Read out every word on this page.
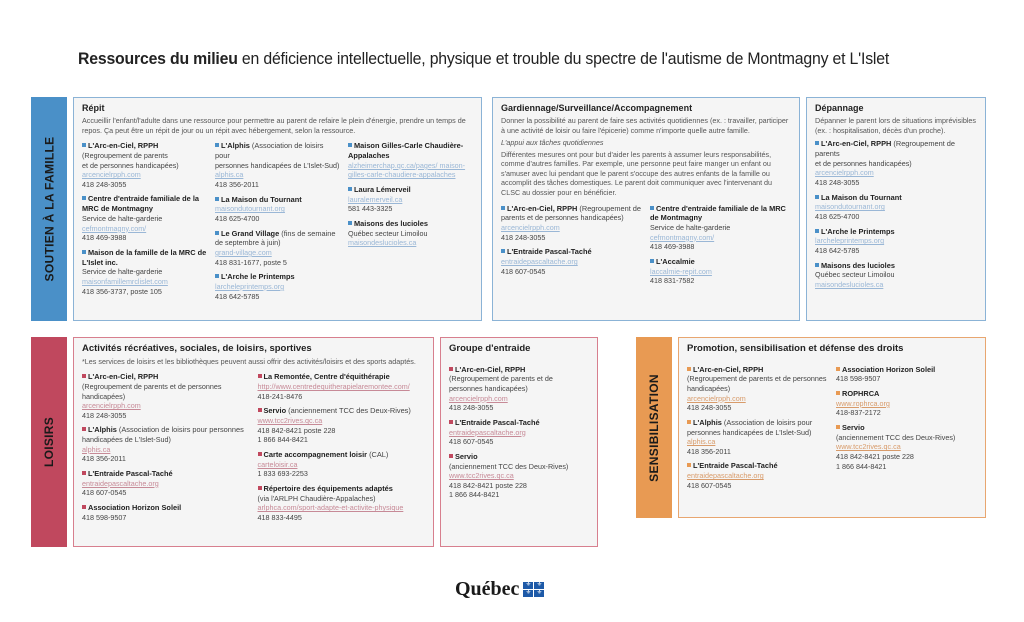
Ressources du milieu en déficience intellectuelle, physique et trouble du spectre de l'autisme de Montmagny et L'Islet
SOUTIEN À LA FAMILLE
LOISIRS	SENSIBILISATION
Répit
Accueillir l'enfant/l'adulte dans une ressource pour permettre au parent de refaire le plein d'énergie, prendre un temps de repos. Ça peut être un répit de jour ou un répit avec hébergement, selon la ressource.
L'Arc-en-Ciel, RPPH
(Regroupement de parents
et de personnes handicapées)
arcencielrpph.com
418 248-3055
Centre d'entraide familiale de la MRC de Montmagny
Service de halte-garderie
cefmontmagny.com/
418 469-3988
Maison de la famille de la MRC de L'Islet inc.
Service de halte-garderie
maisonfamillemrclislet.com
418 356-3737, poste 105
L'Alphis (Association de loisirs pour
personnes handicapées de L'Islet-Sud)
alphis.ca
418 356-2011
La Maison du Tournant
maisondutournant.org
418 625-4700
Le Grand Village (fins de semaine
de septembre à juin)
grand-village.com
418 831-1677, poste 5
L'Arche le Printemps
larcheleprintemps.org
418 642-5785
Maison Gilles-Carle Chaudière-Appalaches
alzheimerchap.qc.ca/pages/ maison-gilles-carle-chaudiere-appalaches
Laura Lémerveil
lauralemerveil.ca
581 443-3325
Maisons des lucioles
Québec secteur Limoilou
maisondeslucioles.ca
Gardiennage/Surveillance/Accompagnement
Donner la possibilité au parent de faire ses activités quotidiennes (ex. : travailler, participer à une activité de loisir ou faire l'épicerie) comme n'importe quelle autre famille.
L'appui aux tâches quotidiennes
Différentes mesures ont pour but d'aider les parents à assumer leurs responsabilités, comme d'autres familles. Par exemple, une personne peut faire manger un enfant ou s'amuser avec lui pendant que le parent s'occupe des autres enfants de la famille ou accomplit des tâches domestiques. Le parent doit communiquer avec l'intervenant du CLSC au dossier pour en bénéficier.
L'Arc-en-Ciel, RPPH (Regroupement de
parents et de personnes handicapées)
arcencielrpph.com
418 248-3055
L'Entraide Pascal-Taché
entraidepascaltache.org
418 607-0545
Centre d'entraide familiale de la MRC de Montmagny
Service de halte-garderie
cefmontmagny.com/
418 469-3988
L'Accalmie
laccalmie-repit.com
418 831-7582
Dépannage
Dépanner le parent lors de situations imprévisibles (ex. : hospitalisation, décès d'un proche).
L'Arc-en-Ciel, RPPH (Regroupement de parents
et de personnes handicapées)
arcencielrpph.com
418 248-3055
La Maison du Tournant
maisondutournant.org
418 625-4700
L'Arche le Printemps
larcheleprintemps.org
418 642-5785
Maisons des lucioles
Québec secteur Limoilou
maisondeslucioles.ca
Activités récréatives, sociales, de loisirs, sportives
*Les services de loisirs et les bibliothèques peuvent aussi offrir des activités/loisirs et des sports adaptés.
L'Arc-en-Ciel, RPPH
(Regroupement de parents et de personnes
handicapées)
arcencielrpph.com
418 248-3055
L'Alphis (Association de loisirs pour personnes
handicapées de L'Islet-Sud)
alphis.ca
418 356-2011
L'Entraide Pascal-Taché
entraidepascaltache.org
418 607-0545
Association Horizon Soleil
418 598-9507
La Remontée, Centre d'équithérapie
http://www.centredequitherapielaremontee.com/
418-241-8476
Servio (anciennement TCC des Deux-Rives)
www.tcc2rives.qc.ca
418 842-8421 poste 228
1 866 844-8421
Carte accompagnement loisir (CAL)
carteloisir.ca
1 833 693-2253
Répertoire des équipements adaptés
(via l'ARLPH Chaudière-Appalaches)
arlphca.com/sport-adapte-et-activite-physique
418 833-4495
Groupe d'entraide
L'Arc-en-Ciel, RPPH
(Regroupement de parents et de
personnes handicapées)
arcencielrpph.com
418 248-3055
L'Entraide Pascal-Taché
entraidepascaltache.org
418 607-0545
Servio
(anciennement TCC des Deux-Rives)
www.tcc2rives.qc.ca
418 842-8421 poste 228
1 866 844-8421
Promotion, sensibilisation et défense des droits
L'Arc-en-Ciel, RPPH
(Regroupement de parents et de personnes
handicapées)
arcencielrpph.com
418 248-3055
L'Alphis (Association de loisirs pour
personnes handicapées de L'Islet-Sud)
alphis.ca
418 356-2011
L'Entraide Pascal-Taché
entraidepascaltache.org
418 607-0545
Association Horizon Soleil
418 598-9507
ROPHRCA
www.rophrca.org
418-837-2172
Servio
(anciennement TCC des Deux-Rives)
www.tcc2rives.qc.ca
418 842-8421 poste 228
1 866 844-8421
Québec
⚜
⚜
⚜
⚜
